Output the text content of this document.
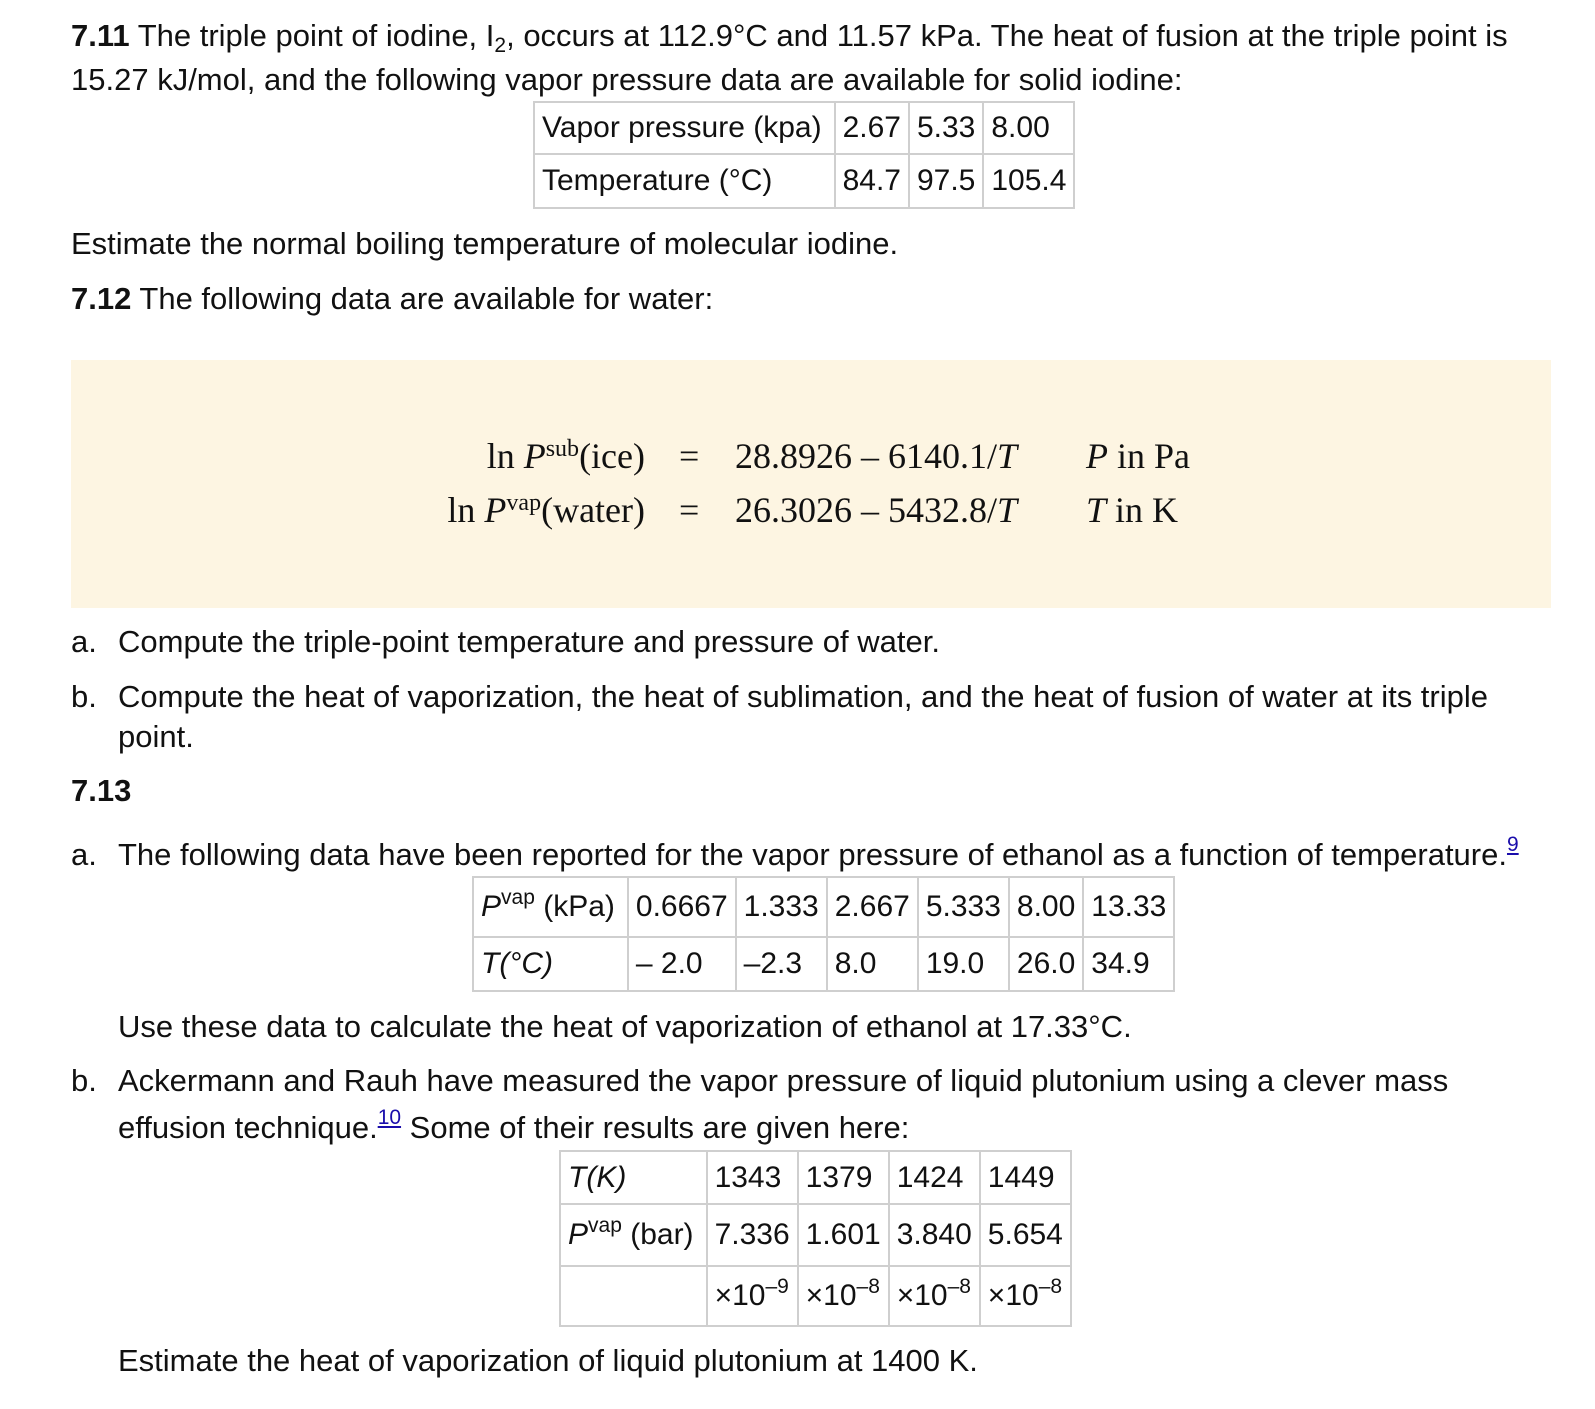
7.11 The triple point of iodine, $I_2$, occurs at 112.9°C and 11.57 kPa. The heat of fusion at the triple point is
15.27 kJ/mol, and the following vapor pressure data are available for solid iodine:
Vapor pressure (kpa)	2.67	5.33	8.00
Temperature (°C)	84.7	97.5	105.4
Estimate the normal boiling temperature of molecular iodine.
7.12 The following data are available for water:
$\ln P^{sub}(ice) = 28.8926 - 6140.1/T$ P in Pa
$\ln P^{vap}(water) = 26.3026 - 5432.8/T$ T in K
a. Compute the triple-point temperature and pressure of water.
b. Compute the heat of vaporization, the heat of sublimation, and the heat of fusion of water at its triple
point.
7.13
a. The following data have been reported for the vapor pressure of ethanol as a function of temperature.$^9$
$P^{vap}$ (kPa)	0.6667	1.333	2.667	5.333	8.00	13.33
T(°C)	– 2.0	–2.3	8.0	19.0	26.0	34.9
Use these data to calculate the heat of vaporization of ethanol at 17.33°C.
b. Ackermann and Rauh have measured the vapor pressure of liquid plutonium using a clever mass
effusion technique.$^{10}$ Some of their results are given here:
T(K)	1343	1379	1424	1449
$P^{vap}$ (bar)	7.336	1.601	3.840	5.654
	$\times 10^{-9}$	$\times 10^{-8}$	$\times 10^{-8}$	$\times 10^{-8}$
Estimate the heat of vaporization of liquid plutonium at 1400 K.
